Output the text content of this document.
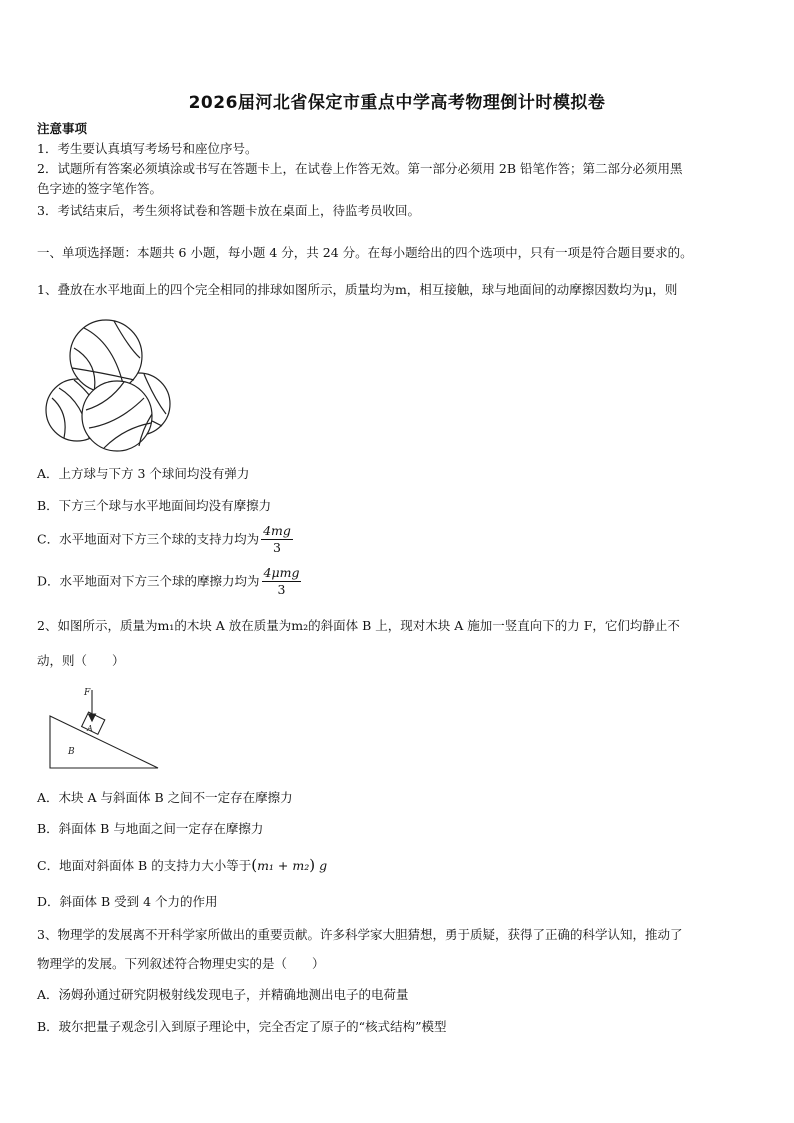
2026届河北省保定市重点中学高考物理倒计时模拟卷
注意事项
1．考生要认真填写考场号和座位序号。
2．试题所有答案必须填涂或书写在答题卡上，在试卷上作答无效。第一部分必须用 2B 铅笔作答；第二部分必须用黑
色字迹的签字笔作答。
3．考试结束后，考生须将试卷和答题卡放在桌面上，待监考员收回。
一、单项选择题：本题共 6 小题，每小题 4 分，共 24 分。在每小题给出的四个选项中，只有一项是符合题目要求的。
1、叠放在水平地面上的四个完全相同的排球如图所示，质量均为m，相互接触，球与地面间的动摩擦因数均为μ，则
A．上方球与下方 3 个球间均没有弹力
B．下方三个球与水平地面间均没有摩擦力
C．水平地面对下方三个球的支持力均为 $\frac{4mg}{3}$
D．水平地面对下方三个球的摩擦力均为 $\frac{\text{4μmg}}{3}$
2、如图所示，质量为m₁的木块 A 放在质量为m₂的斜面体 B 上，现对木块 A 施加一竖直向下的力 F，它们均静止不
动，则（　　）
F
A
B
A．木块 A 与斜面体 B 之间不一定存在摩擦力
B．斜面体 B 与地面之间一定存在摩擦力
C．地面对斜面体 B 的支持力大小等于(m₁ + m₂) g
D．斜面体 B 受到 4 个力的作用
3、物理学的发展离不开科学家所做出的重要贡献。许多科学家大胆猜想，勇于质疑，获得了正确的科学认知，推动了
物理学的发展。下列叙述符合物理史实的是（　　）
A．汤姆孙通过研究阴极射线发现电子，并精确地测出电子的电荷量
B．玻尔把量子观念引入到原子理论中，完全否定了原子的“核式结构”模型
